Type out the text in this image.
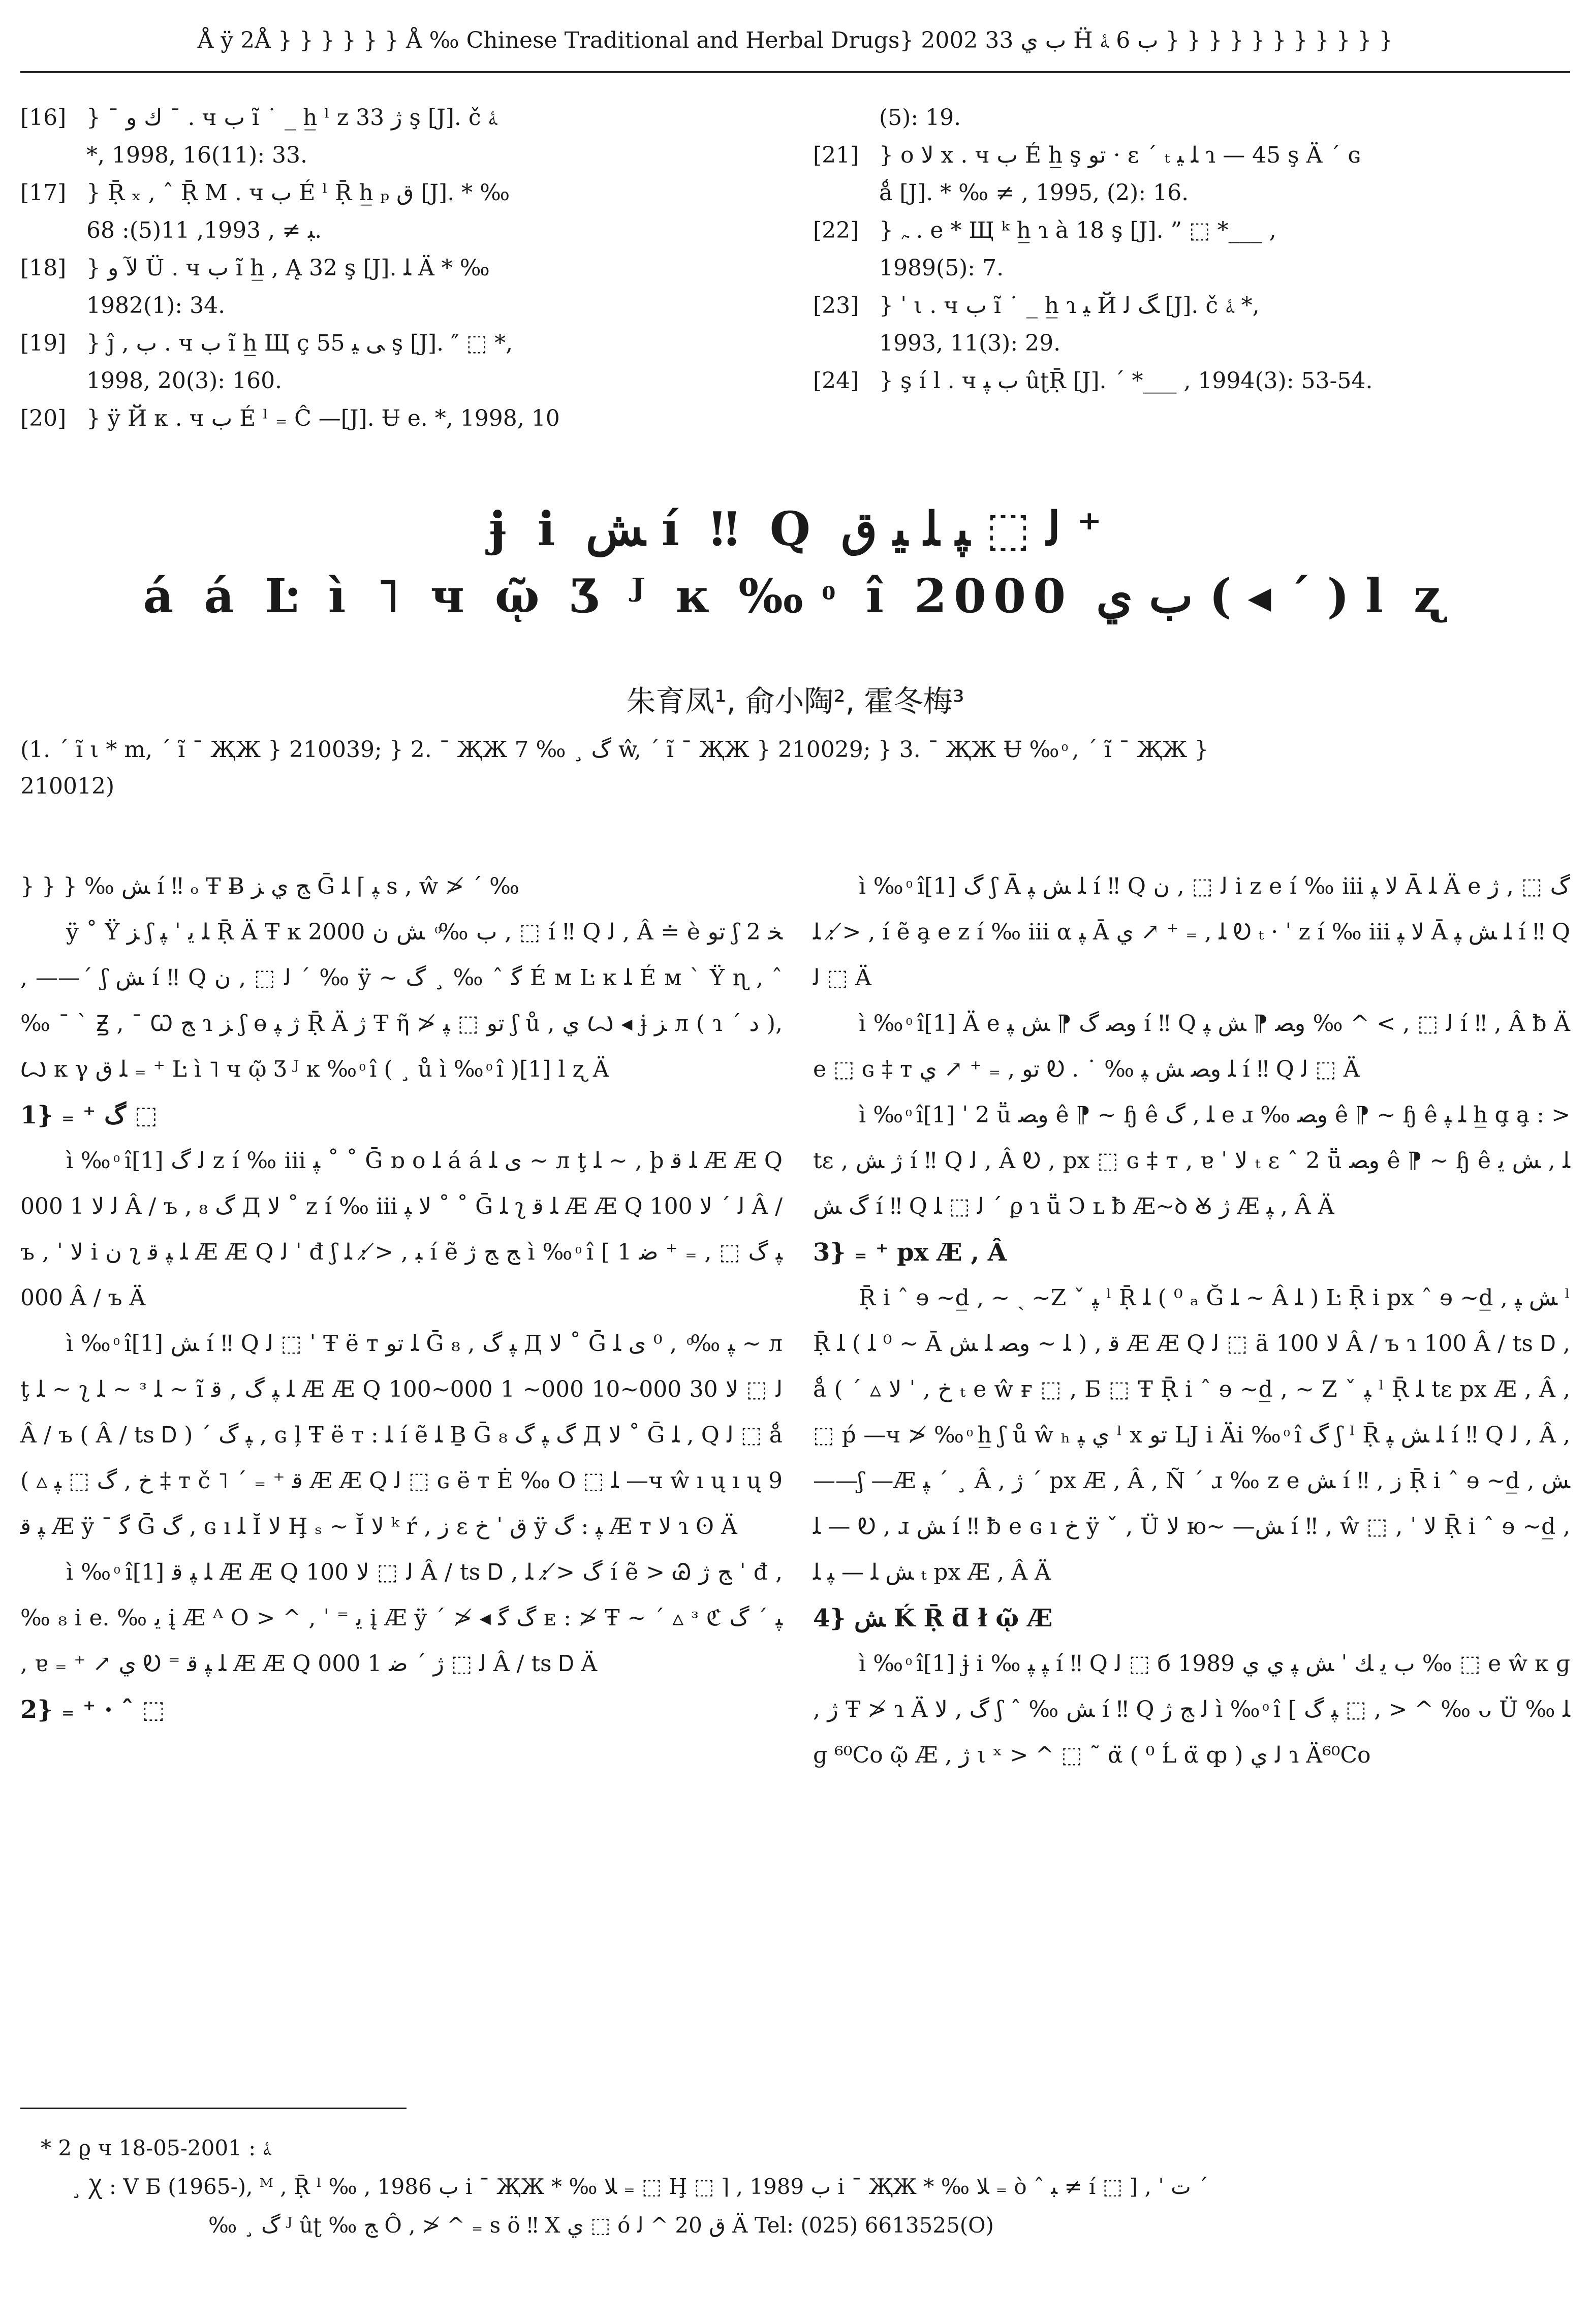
Å ÿ 2Å } } } } } } Å ‰ Chinese Traditional and Herbal Drugs} 2002 ب ي 33 Ḧ ب 6 ﮥ } } } } } } } } } } }
[16] } ¯ ك و ¯ . ч ب ĩ ˙ _ h̲ ˡ z ژ 33 ş [J]. č ﮥ
*, 1998, 16(11): 33.
[17] } Ṝ ₓ , ˆ Ṝ M . ч ب É ˡ Ṝ h̲ ₚ ق [J]. * ‰
ﺒ ≠ , 1993, 11(5): 68.
[18] } ﻵ و Ü . ч ب ĩ h̲ , Ą 32 ş [J]. ﻠ Ä * ‰
1982(1): 34.
[19] } ĵ , ب . ч ب ĩ h̲ Щ ç ﯽ ﻴ 55 ş [J]. ″ ⬚ *,
1998, 20(3): 160.
[20] } ÿ Й к . ч ب É ˡ ₌ Ĉ —[J]. Ʉ e. *, 1998, 10
(5): 19.
[21] } o ﻻ x . ч ب É h̲ ş ﺗﻮ · ɛ ˊ ₜ ﻠ ﻴ ɿ — 45 ş Ä ˊ ɢ
ǻ [J]. * ‰ ≠ , 1995, (2): 16.
[22] } ﮧ . e * Щ ᵏ h̲ ɿ à 18 ş [J]. ” ⬚ *___ ,
1989(5): 7.
[23] } ˈ ι . ч ب ĩ ˙ _ h̲ ɿ ﻴ Й ﮓ ﻟ [J]. č ﮥ *,
1993, 11(3): 29.
[24] } ş í l . ч ب ﭙ ûʈṜ [J]. ˊ *___ , 1994(3): 53-54.
ɉ i ﺶ í ‼ Q ﻟ ⬚ ﭙ ﻠ ﯿ ﻕ ⁺
á á Ŀ ì ˥ ч ῷ Ʒ ᴶ ĸ ‰ ͦ î 2000 ب ي ( ◂ ˊ ) l ʐ
朱育凤¹, 俞小陶², 霍冬梅³
(1. ˊ ĩ ι * m, ˊ ĩ ¯ ҖЖ } 210039; } 2. ¯ ҖЖ 7 ‰ ¸ ﮒ ŵ, ˊ ĩ ¯ ҖЖ } 210029; } 3. ¯ ҖЖ Ʉ ‰ ͦ , ˊ ĩ ¯ ҖЖ }
210012)

} } } ‰ ﺶ í ‼ ₒ Ŧ Ƀ ﺞ ي ﺰ Ḡ ﭙ ⌉ ﻠ s , ŵ ≯ ˊ ‰

ÿ ˚ Ÿ ﺰ ʃ ﻠ ﻳ ˈ ﭙ Ṝ Ä Ŧ ĸ 2000 ب ‰ ͦ ﺶ ﻥ , ⬚ í ‼ Q ﻟ , Â ≐ è ﺗﻮ ʃ ﺨ 2 , ——ˊ ʃ ﺶ í ‼ Q ﻟ ⬚ , ﻥ ˊ ‰ ÿ ~ ﮔ ˆ ‰ ¸ ﮒ É м Ŀ ĸ ﻠ É м ˋ Ÿ ɳ , ˆ ‰ ¯ ˋ Ꙃ , ¯ Ꙍ ﺞ ɿ ﺰ ʃ ɵ ژ ﭙ Ṝ Ä ژ Ŧ ῆ ≯ ﺗﻮ ⬚ ﭙ ʃ ů , ي Ꙍ ◂ ɉ ﺰ л ( ɿ ˊ ﺩ ), Ꙍ к γ ﻠ ﻕ ₌ ⁺ Ŀ ì ˥ ч ῷ Ʒ ᴶ ĸ ‰ ͦ î ( ¸ ů ì ‰ ͦ î )[1] l ʐ Ä

1} ₌ ⁺ ﮒ ⬚

ì ‰ ͦ î[1] ﻟ ﮒ z í ‰ iii ﭙ ˚ ˚ Ḡ ɒ o ﻠ á á ﻯ ﻠ ~ л ţ ﻠ ~ , þ ﻠ ﻗ Æ Æ Q ﻟ ﻻ 1 000 Â / ъ , ﮒ ₈ Д ﻻ ˚ z í ‰ iii ﻻ ﭙ ˚ ˚ Ḡ ﻠ ʅ ﻠ ﻗ Æ Æ Q ﻟ ˊ ﻻ 100 Â / ъ , ˈ ﻻ i ﻥ ʅ ﻠ ﭙ ﻗ Æ Æ Q ﻟ ˈ đ ʃ ﺒ , ≯ : ﻠ í ẽ ﺞ ﺞ ژ ì ‰ ͦ î [ ﭙ ﮒ ⬚ , ₌ ⁺ ﺿ 1 000 Â / ъ Ä

ì ‰ ͦ î[1] ﺶ í ‼ Q ﻟ ⬚ ˈ Ŧ ë т ﻠ ﺗﻮ Ḡ ﭙ ﮒ , ₈ Д ﻻ ˚ Ḡ ﭙ ‰ ͦ , ⁰ ﻯ ﻠ ~ л ţ ﻠ ~ ʅ ﻠ ~ ᵌ ﻠ ~ ĩ ﻠ ﭙ ﮒ , ﻗ Æ Æ Q ﻟ ⬚ ﻻ 30 000~10 000~ 1 000~100 Â / ъ ( Â / ts Ꭰ ) ˊ ﭙ ﮒ , ɢ ļ Ŧ ë т : ﻠ í ẽ ﻠ Ḇ Ḡ ﮒ ﭙ ﮒ ₈ Д ﻻ ˚ Ḡ ﻠ , Q ﻟ ⬚ ǻ ( ▵ ﺥ , ﮒ ⬚ ﭙ ‡ т č ˥ ˊ ₌ ⁺ ﻗ Æ Æ Q ﻟ ⬚ ɢ ë т Ė ‰ O ⬚ ﻠ —ч ŵ ı ų ı ų 9 ﭙ ﻗ Æ ÿ ˉ ﮔ Ḡ ﮒ , ɢ ı ﻠ Ĭ ﻻ Ḩ ₛ ~ Ĭ ﻻ ᵏ ŕ , ﺯ ε ﻕ ˈ ﺥ ÿ ﭙ : ﮒ Æ т ﻻ ɿ ʘ Ä

ì ‰ ͦ î[1] ﻠ ﭙ ﻗ Æ Æ Q ﻟ ⬚ ﻻ 100 Â / ts Ꭰ , ﮒ ≯ : ﻠ í ẽ > Ꮚ ﺞ ژ ˈ đ , ‰ ₈ i e. ‰ ﻳ į Æ ᴬ O > ^ , ˈ ⁼ ﻳ į Æ ÿ ˊ ≯ ◂ ﮒ ﮔ ᴇ : ≯ Ŧ ~ ˊ ▵ ᶟ ℭ ﭙ ˊ ﮒ , ɐ ₌ ⁺ ↗ ي Ꭷ ⁼ ﻠ ﭙ ﻗ Æ Æ Q ﻟ ⬚ ژ ˊ ﺿ 1 000 Â / ts Ꭰ Ä

2} ₌ ⁺ · ˆ ⬚

ì ‰ ͦ î[1] ﮒ ʃ Ā ﻠ ﺶ ﭙ í ‼ Q ﻟ ⬚ , ﻥ i z e í ‰ iii ﻻ ﭙ Ā ﻠ Ä e ﮒ ⬚ , ژ , ≯ : ﻠ í ẽ a̧ e z í ‰ iii α ﭙ Ā ﻠ , ₌ ⁺ ↗ ي Ꭷ ₜ · ˈ z í ‰ iii ﻻ ﭙ Ā ﻠ ﺶ ﭙ í ‼ Q ﻟ ⬚ Ä

ì ‰ ͦ î[1] Ä e ﻭﺼ ﮒ ⁋ ﺶ ﭙ í ‼ Q ﻟ ⬚ , > ^ ‰ ﻭﺼ ⁋ ﺶ ﭙ í ‼ , Â ƀ Ä e ⬚ ɢ ‡ т ﺗﻮ , ₌ ⁺ ↗ ي Ꭷ . ˙ ‰ ﻠ ﻭﺼ ﺶ ﭙ í ‼ Q ﻟ ⬚ Ä

ì ‰ ͦ î[1] ˈ 2 ṻ ﻭﺼ ê ⁋ ~ ɧ ê ﻠ , ﮒ e ɹ ‰ ﻭﺼ ê ⁋ ~ ɧ ê ﻠ ﭙ h̲ ɑ̧ a̧ : > tɛ , ژ ﺶ í ‼ Q ﻟ , Â Ꭷ , рх ⬚ ɢ ‡ т , ɐ ˈ ﻻ ₜ ɛ ˆ 2 ṻ ﻭﺼ ê ⁋ ~ ɧ ê ﻠ , ﺶ ﻳ ﮒ ﺶ í ‼ Q ﻟ ⬚ ﻠ ˊ ϼ ɿ ṻ Ↄ ʟ ƀ Æ~ꝺ Ꙋ ژ Æ ﭙ , Â Ä

3} ₌ ⁺ рх Æ , Â

Ṝ i ˆ ɘ ~d̲ , ~ ˎ ~Z ˇ ﭙ ˡ Ṝ ﻠ ( ⁰ ₐ Ğ ﻠ ~ Â ﻠ ) Ŀ Ṝ i рх ˆ ɘ ~d̲ , ﺶ ﭙ ˡ Ṝ ﻠ ( ⁰ ﻠ ~ Ā ﻠ ~ ﻭﺼ ﻠ ﺶ ) , ﻗ Æ Æ Q ﻟ ⬚ ä ﻻ 100 Â / ъ ɿ 100 Â / ts Ꭰ , ǻ ( ˊ ▵ ﺥ , ˈ ﻻ ₜ e ŵ ғ ⬚ , Б ⬚ Ŧ Ṝ i ˆ ɘ ~d̲ , ~ Z ˇ ﭙ ˡ Ṝ ﻠ tɛ рх Æ , Â , ⬚ ṕ —ч ≯ ‰ ͦ h̲ ʃ ů ŵ ₕ ي ﭙ ˡ x ﺗﻮ LJ i Äi ‰ ͦ î ﮒ ʃ ˡ Ṝ ﻠ ﺶ ﭙ í ‼ Q ﻟ , Â ,——ʃ —Æ ﭙ ˊ ¸ Â , ژ ˊ рх Æ , Â , Ñ ˊ ɹ ‰ z e ﺶ í ‼ , ﺯ Ṝ i ˆ ɘ ~d̲ , ﺶ ﻠ — Ꭷ , ɹ ﺶ í ‼ ƀ e ɢ ı ﺥ ÿ ˇ , Ü ﻻ ю~ —ﺶ í ‼ , ŵ ⬚ , ˈ ﻻ Ṝ i ˆ ɘ ~d̲ , ﺶ ﻠ — ﭙ ﻠ ₜ рх Æ , Â Ä

4} ﺶ Ḱ Ṝ ƌ ł ῷ Æ

ì ‰ ͦ î[1] ɉ i ‰ ﭙ ﭙ í ‼ Q ﻟ ⬚ б 1989 ب ﻳ ﻚ ˈ ﺶ ﭙ ي ي ‰ ⬚ e ŵ к ɡ , ژ Ŧ ≯ ɿ Ä ﮒ , ﻻ ʃ ˆ ‰ ﺶ í ‼ Q ﻟ ﺞ ژ ì ‰ ͦ î [ ﭙ ﮒ ⬚ , > ^ ‰ ᴗ Ü ‰ ﻠ ɡ ⁶⁰Co ῷ Æ , ژ ι ˣ > ^ ⬚ ˜ α̈ ( ⁰ Ĺ α̈ ȹ ) ﻟ ي ɿ Ä⁶⁰Co

* 2 ϱ ч ﮥ : 2001-05-18
¸ Ꭓ : V Б (1965-), ᴹ , Ṝ ˡ ‰ , 1986 ب i ¯ ҖЖ * ‰ ﻼ ₌ ⬚ Ḩ ⬚ ⌉ , 1989 ب i ¯ ҖЖ * ‰ ﻼ ₌ ò ˆ ﺒ ≠ í ⬚ ] , ˈ ت ˊ
‰ ¸ ﮒ ᴶ ûʈ ‰ ﺞ Ô , ≯ ^ ₌ s ö ‼ Ⅹ ي ⬚ ó ﻕ 20 ^ ﻟ Ä Tel: (025) 6613525(O)
